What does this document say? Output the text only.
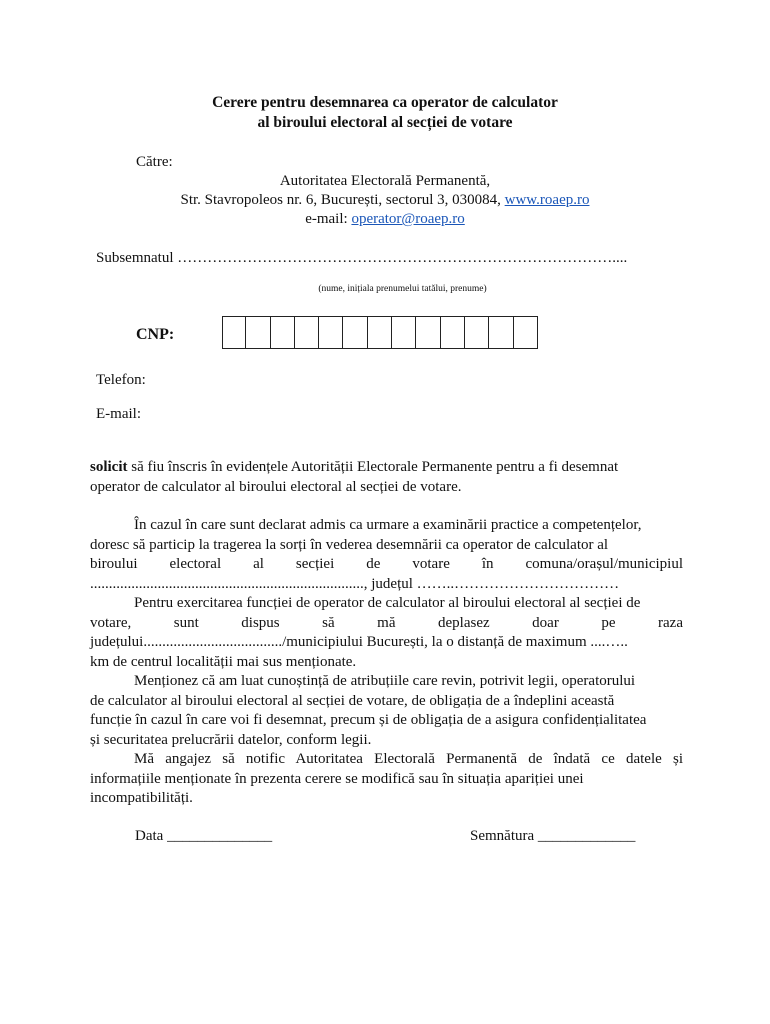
Cerere pentru desemnarea ca operator de calculator
al biroului electoral al secției de votare
Către:
Autoritatea Electorală Permanentă,
Str. Stavropoleos nr. 6, București, sectorul 3, 030084, www.roaep.ro
e-mail: operator@roaep.ro
Subsemnatul ……………………………………………………………………………....
(nume, inițiala prenumelui tatălui, prenume)
CNP:
Telefon:
E-mail:
solicit să fiu înscris în evidențele Autorității Electorale Permanente pentru a fi desemnat
operator de calculator al biroului electoral al secției de votare.
În cazul în care sunt declarat admis ca urmare a examinării practice a competențelor,
doresc să particip la tragerea la sorți în vederea desemnării ca operator de calculator al
biroului electoral al secției de votare în comuna/orașul/municipiul
........................................................................., județul ……..……………………………
Pentru exercitarea funcției de operator de calculator al biroului electoral al secției de
votare, sunt dispus să mă deplasez doar pe raza
județului...................................../municipiului București, la o distanță de maximum ....…..
km de centrul localității mai sus menționate.
Menționez că am luat cunoștință de atribuțiile care revin, potrivit legii, operatorului
de calculator al biroului electoral al secției de votare, de obligația de a îndeplini această
funcție în cazul în care voi fi desemnat, precum și de obligația de a asigura confidențialitatea
și securitatea prelucrării datelor, conform legii.
Mă angajez să notific Autoritatea Electorală Permanentă de îndată ce datele și
informațiile menționate în prezenta cerere se modifică sau în situația apariției unei
incompatibilități.
Data ______________	Semnătura _____________
